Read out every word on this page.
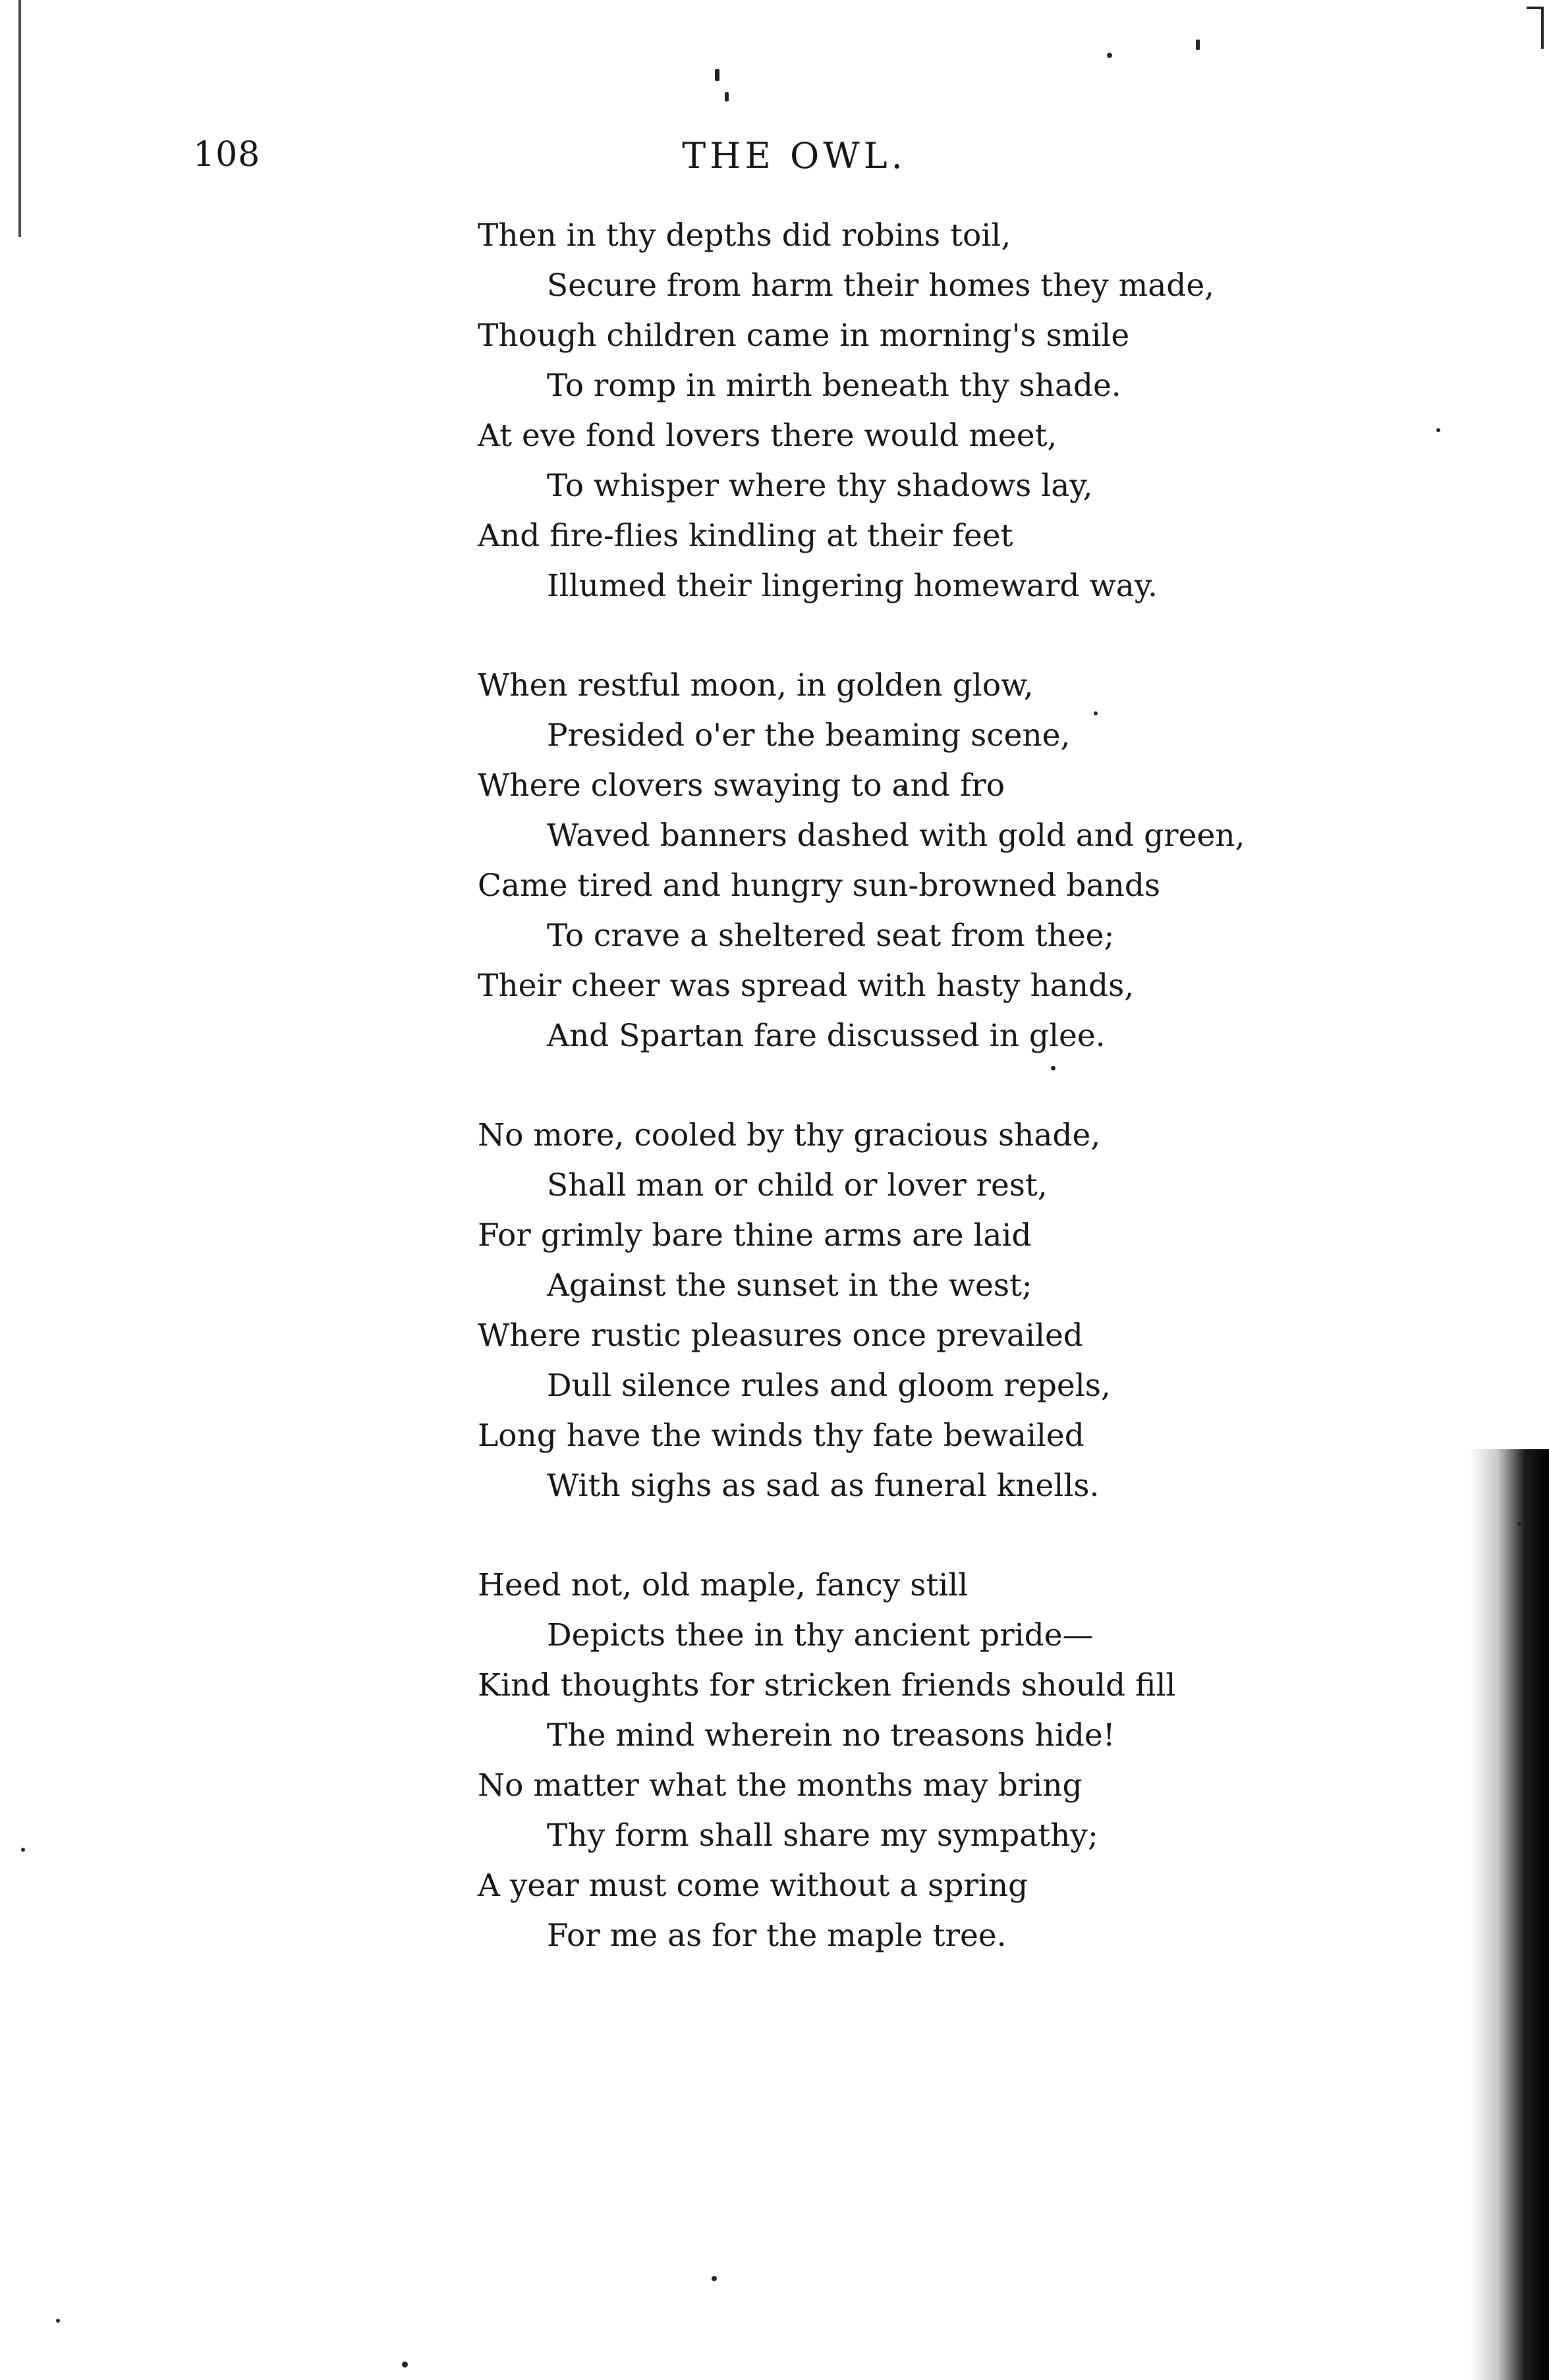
108	THE OWL.
Then in thy depths did robins toil,
Secure from harm their homes they made,
Though children came in morning's smile
To romp in mirth beneath thy shade.
At eve fond lovers there would meet,
To whisper where thy shadows lay,
And fire-flies kindling at their feet
Illumed their lingering homeward way.
When restful moon, in golden glow,
Presided o'er the beaming scene,
Where clovers swaying to and fro
Waved banners dashed with gold and green,
Came tired and hungry sun-browned bands
To crave a sheltered seat from thee;
Their cheer was spread with hasty hands,
And Spartan fare discussed in glee.
No more, cooled by thy gracious shade,
Shall man or child or lover rest,
For grimly bare thine arms are laid
Against the sunset in the west;
Where rustic pleasures once prevailed
Dull silence rules and gloom repels,
Long have the winds thy fate bewailed
With sighs as sad as funeral knells.
Heed not, old maple, fancy still
Depicts thee in thy ancient pride—
Kind thoughts for stricken friends should fill
The mind wherein no treasons hide!
No matter what the months may bring
Thy form shall share my sympathy;
A year must come without a spring
For me as for the maple tree.
